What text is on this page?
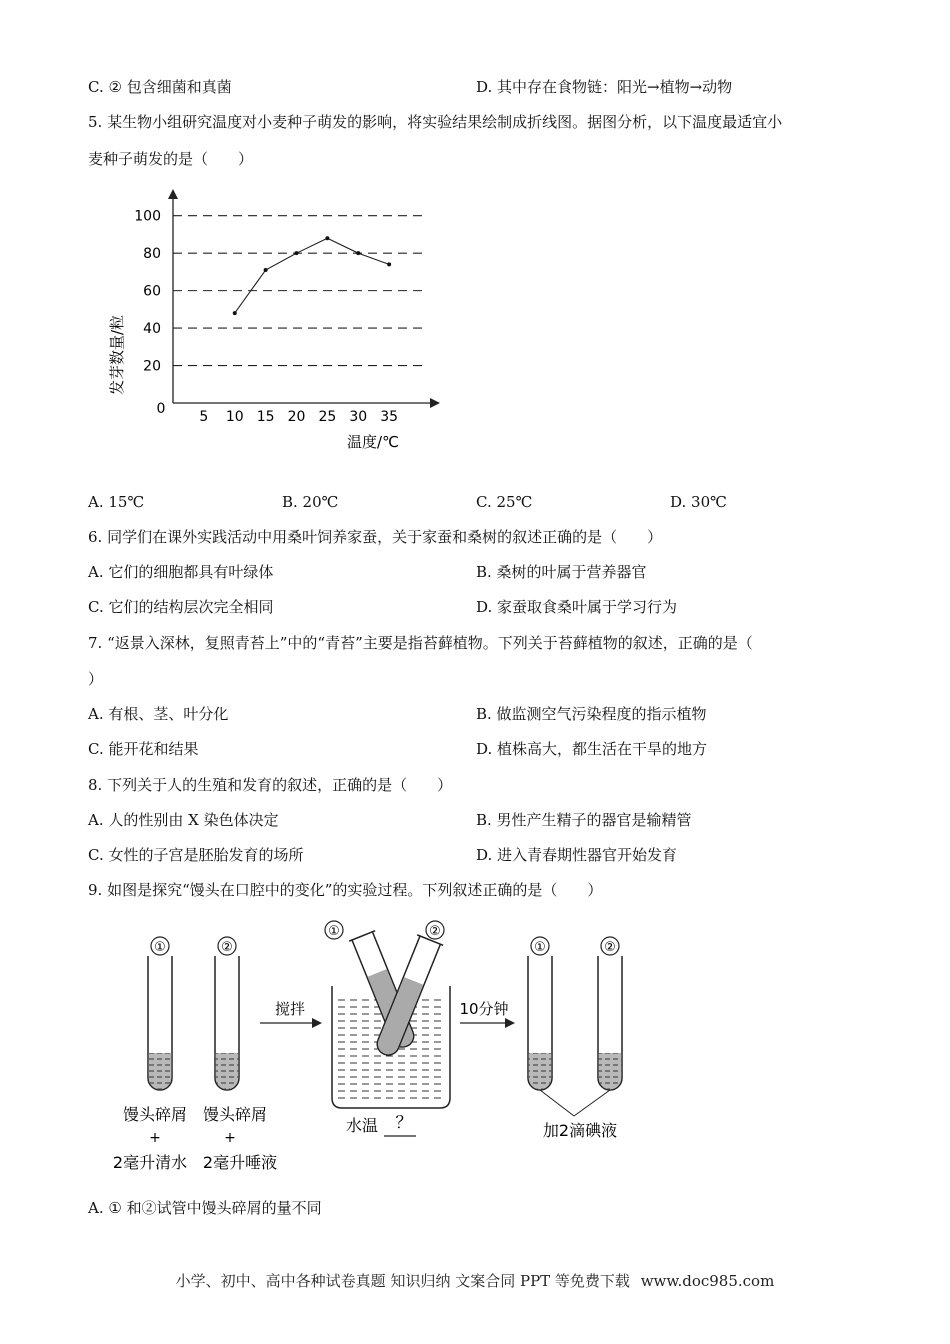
C. ② 包含细菌和真菌	D. 其中存在食物链：阳光→植物→动物
5. 某生物小组研究温度对小麦种子萌发的影响，将实验结果绘制成折线图。据图分析，以下温度最适宜小
麦种子萌发的是（　　）
20
40
60
80
100
5 10 15 20 25 30 35
发芽数量/粒
温度/℃
0
A. 15℃	B. 20℃	C. 25℃	D. 30℃
6. 同学们在课外实践活动中用桑叶饲养家蚕，关于家蚕和桑树的叙述正确的是（　　）
A. 它们的细胞都具有叶绿体	B. 桑树的叶属于营养器官
C. 它们的结构层次完全相同	D. 家蚕取食桑叶属于学习行为
7. “返景入深林，复照青苔上”中的“青苔”主要是指苔藓植物。下列关于苔藓植物的叙述，正确的是（
）
A. 有根、茎、叶分化	B. 做监测空气污染程度的指示植物
C. 能开花和结果	D. 植株高大，都生活在干旱的地方
8. 下列关于人的生殖和发育的叙述，正确的是（　　）
A. 人的性别由 X 染色体决定	B. 男性产生精子的器官是输精管
C. 女性的子宫是胚胎发育的场所	D. 进入青春期性器官开始发育
9. 如图是探究“馒头在口腔中的变化”的实验过程。下列叙述正确的是（　　）
①	②
馒头碎屑 馒头碎屑
+	+
2毫升清水 2毫升唾液
搅拌
①	②
水温 ？
10分钟
①	②
加2滴碘液
A. ① 和②试管中馒头碎屑的量不同
小学、初中、高中各种试卷真题 知识归纳 文案合同 PPT 等免费下载 www.doc985.com
